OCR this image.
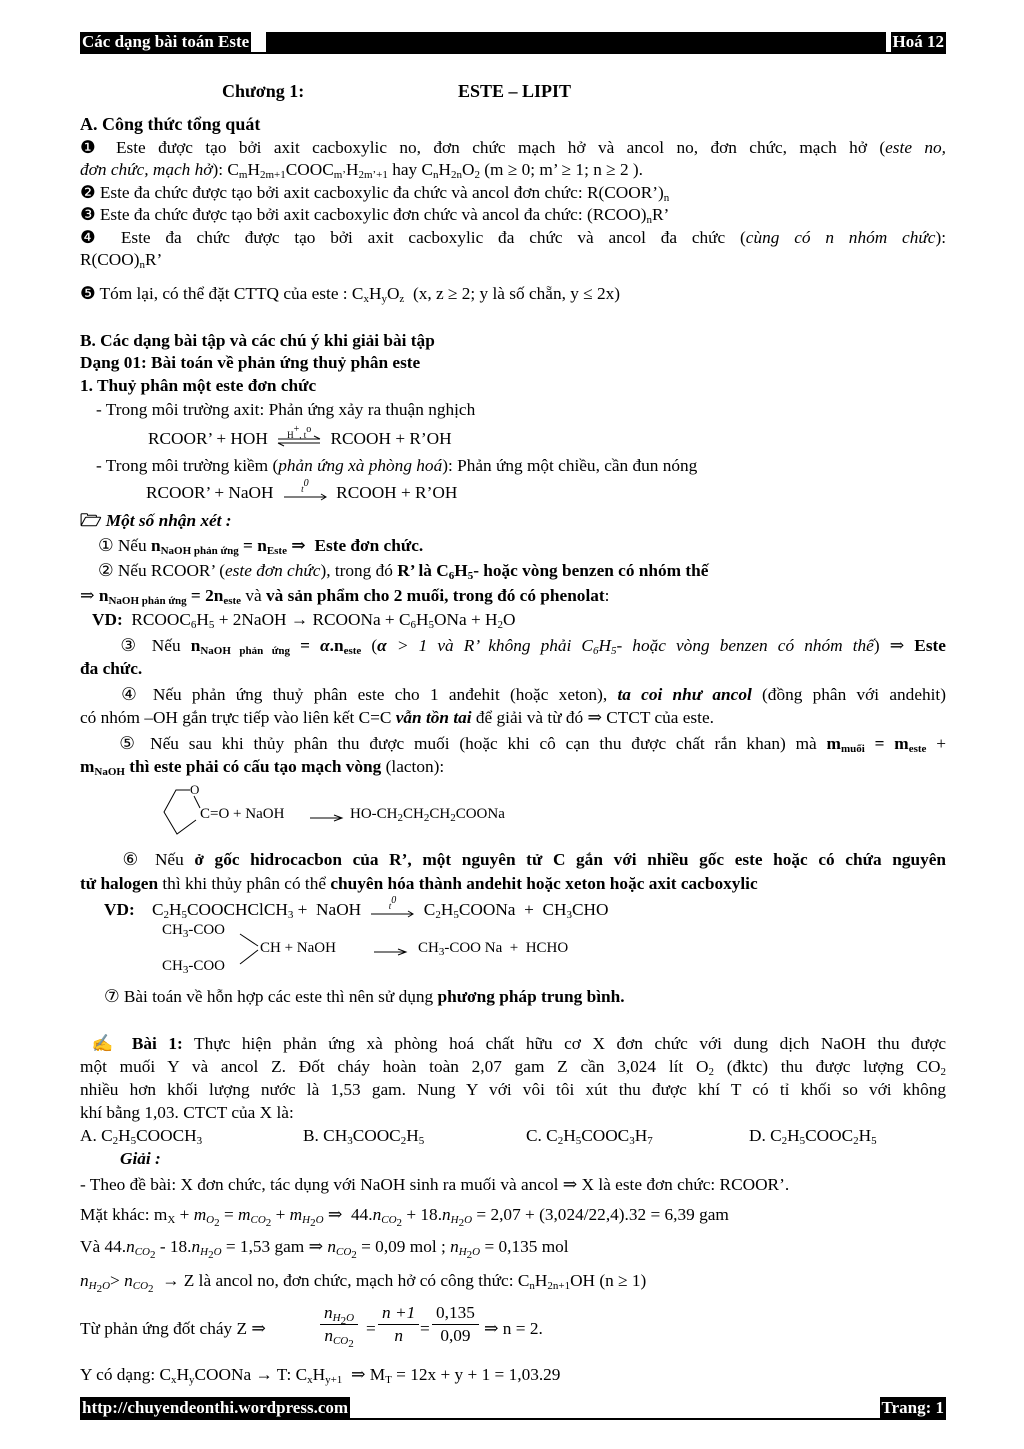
Các dạng bài toán Este	Hoá 12
Chương 1:	ESTE – LIPIT
A. Công thức tổng quát
❶ Este được tạo bởi axit cacboxylic no, đơn chức mạch hở và ancol no, đơn chức, mạch hở (este no,
đơn chức, mạch hở): $C_mH_{2m+1}COOC_{m’}H_{2m’+1}$ hay $C_nH_{2n}O_2$ (m ≥ 0; m’ ≥ 1; n ≥ 2 ).
❷ Este đa chức được tạo bởi axit cacboxylic đa chức và ancol đơn chức: $R(COOR’)_n$
❸ Este đa chức được tạo bởi axit cacboxylic đơn chức và ancol đa chức: $(RCOO)_nR$’
❹ Este đa chức được tạo bởi axit cacboxylic đa chức và ancol đa chức (cùng có n nhóm chức):
$R(COO)_nR$’
❺ Tóm lại, có thể đặt CTTQ của este : $C_xH_yO_z$  (x, z ≥ 2; y là số chẵn, y ≤ 2x)
B. Các dạng bài tập và các chú ý khi giải bài tập
Dạng 01: Bài toán về phản ứng thuỷ phân este
1. Thuỷ phân một este đơn chức
- Trong môi trường axit: Phản ứng xảy ra thuận nghịch
RCOOR’ + HOH	H+, $t^o$	RCOOH + R’OH
- Trong môi trường kiềm (phản ứng xà phòng hoá): Phản ứng một chiều, cần đun nóng
RCOOR’ + NaOH	$t^0$	RCOOH + R’OH
🗁 Một số nhận xét :
① Nếu $n_{NaOH phản ứng} = n_{Este}$ ⇒ Este đơn chức.
② Nếu RCOOR’ (este đơn chức), trong đó R’ là $C_6H_5-$ hoặc vòng benzen có nhóm thế
⇒ $n_{NaOH phản ứng} = 2n_{este}$ và và sản phẩm cho 2 muối, trong đó có phenolat:
VD:  $RCOOC_6H_5$ + 2NaOH → RCOONa + $C_6H_5ONa + H_2O$
③ Nếu $n_{NaOH phản ứng} = \alpha.n_{este}$ (α > 1 và R’ không phải $C_6H_5-$ hoặc vòng benzen có nhóm thế) ⇒ Este
đa chức.
④ Nếu phản ứng thuỷ phân este cho 1 anđehit (hoặc xeton), ta coi như ancol (đồng phân với andehit)
có nhóm –OH gắn trực tiếp vào liên kết C=C vẫn tồn tai để giải và từ đó ⇒ CTCT của este.
⑤ Nếu sau khi thủy phân thu được muối (hoặc khi cô cạn thu được chất rắn khan) mà $m_{muối} = m_{este}$ +
$m_{NaOH}$ thì este phải có cấu tạo mạch vòng (lacton):
O
C=O + NaOH → $HO-CH_2CH_2CH_2COONa$
⑥ Nếu ở gốc hidrocacbon của R’, một nguyên tử C gắn với nhiều gốc este hoặc có chứa nguyên
tử halogen thì khi thủy phân có thể chuyên hóa thành andehit hoặc xeton hoặc axit cacboxylic
VD:    $C_2H_5COOCHClCH_3$ +  NaOH	$t^0$	$C_2H_5COONa + CH_3CHO$
$CH_3$-COO
$CH_3$-COO
CH + NaOH → $CH_3$-COO Na  +  HCHO
⑦ Bài toán về hỗn hợp các este thì nên sử dụng phương pháp trung bình.
✍ Bài 1: Thực hiện phản ứng xà phòng hoá chất hữu cơ X đơn chức với dung dịch NaOH thu được
một muối Y và ancol Z. Đốt cháy hoàn toàn 2,07 gam Z cần 3,024 lít $O_2$ (đktc) thu được lượng $CO_2$
nhiều hơn khối lượng nước là 1,53 gam. Nung Y với vôi tôi xút thu được khí T có tỉ khối so với không
khí bằng 1,03. CTCT của X là:
A. $C_2H_5COOCH_3$	B. $CH_3COOC_2H_5$	C. $C_2H_5COOC_3H_7$	D. $C_2H_5COOC_2H_5$
Giải :
- Theo đề bài: X đơn chức, tác dụng với NaOH sinh ra muối và ancol ⇒ X là este đơn chức: RCOOR’.
Mặt khác: $m_X + m_{O_2} = m_{CO_2} + m_{H_2O}$ ⇒  $44.n_{CO_2} + 18.n_{H_2O} = 2,07 + (3,024/22,4).32 = 6,39$ gam
Và $44.n_{CO_2} - 18.n_{H_2O} = 1,53$ gam ⇒ $n_{CO_2} = 0,09$ mol ; $n_{H_2O} = 0,135$ mol
$n_{H_2O}> n_{CO_2} \to Z$ là ancol no, đơn chức, mạch hở có công thức: $C_nH_{2n+1}OH$ (n ≥ 1)
Từ phản ứng đốt cháy Z ⇒
$n_{H_2O}$
$n_{CO_2}$
= $\frac{n +1}{n} = \frac{0,135}{0,09}$ ⇒ n = 2.
Y có dạng: $C_xH_yCOONa \to T$: $C_xH_{y+1}$  ⇒ $M_T = 12x + y + 1 = 1,03.29$
http://chuyendeonthi.wordpress.com	Trang: 1
